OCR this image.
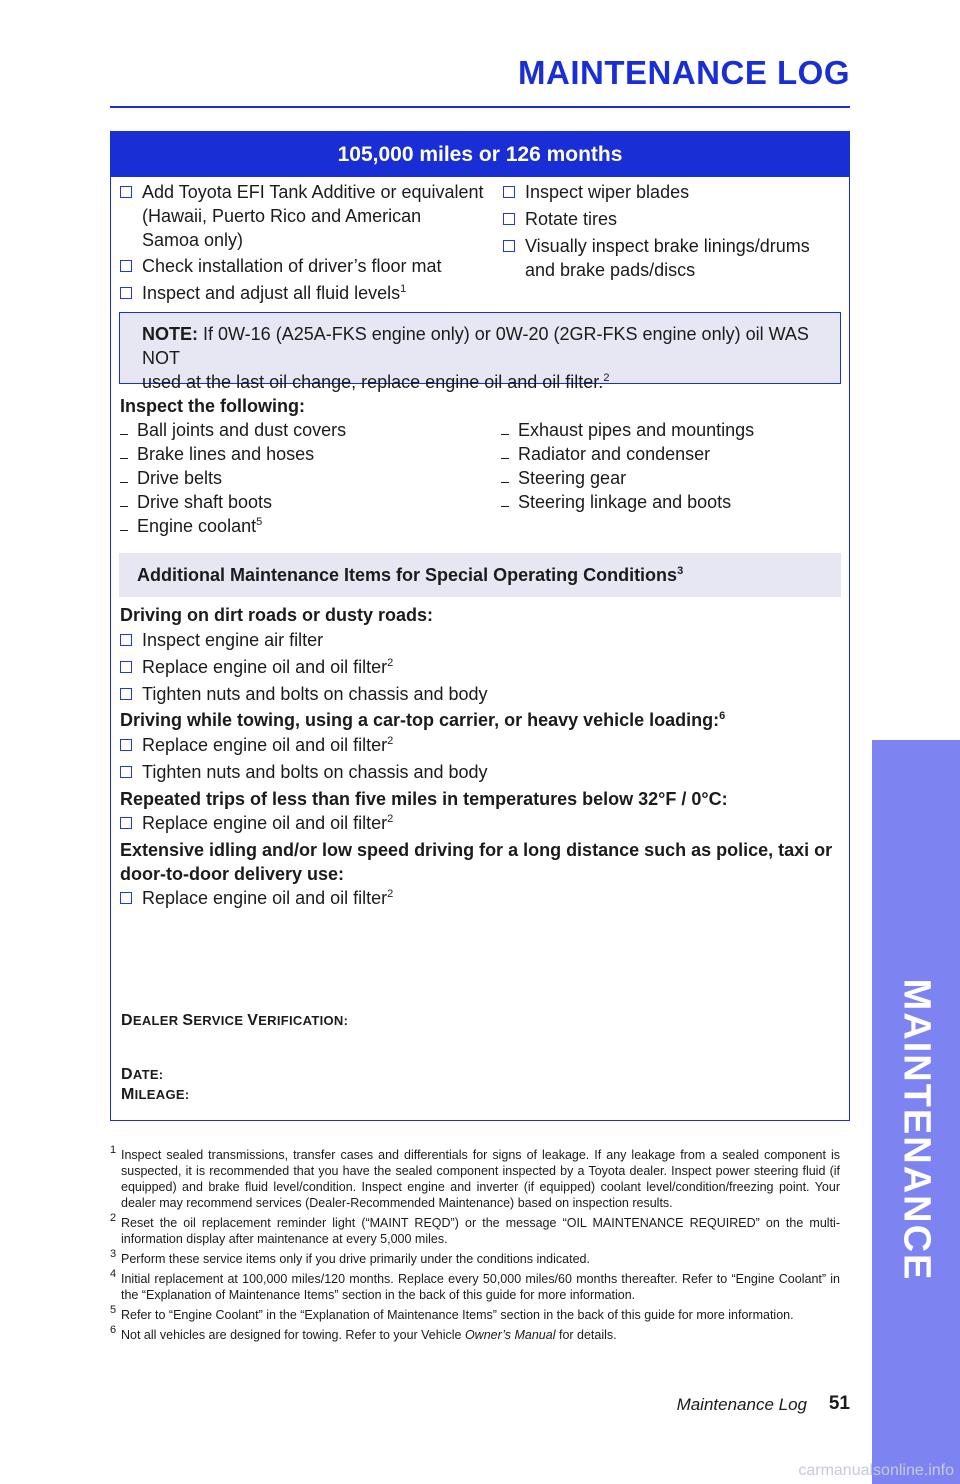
MAINTENANCE LOG
105,000 miles or 126 months
Add Toyota EFI Tank Additive or equivalent
(Hawaii, Puerto Rico and American
Samoa only)
Check installation of driver’s floor mat
Inspect and adjust all fluid levels$^1$
Inspect wiper blades
Rotate tires
Visually inspect brake linings/drums
and brake pads/discs
NOTE: If 0W-16 (A25A-FKS engine only) or 0W-20 (2GR-FKS engine only) oil WAS NOT
used at the last oil change, replace engine oil and oil filter.$^2$
Inspect the following:
Ball joints and dust covers
Brake lines and hoses
Drive belts
Drive shaft boots
Engine coolant$^5$
Exhaust pipes and mountings
Radiator and condenser
Steering gear
Steering linkage and boots
Additional Maintenance Items for Special Operating Conditions$^3$
Driving on dirt roads or dusty roads:
Inspect engine air filter
Replace engine oil and oil filter$^2$
Tighten nuts and bolts on chassis and body
Driving while towing, using a car-top carrier, or heavy vehicle loading:$^6$
Replace engine oil and oil filter$^2$
Tighten nuts and bolts on chassis and body
Repeated trips of less than five miles in temperatures below 32°F / 0°C:
Replace engine oil and oil filter$^2$
Extensive idling and/or low speed driving for a long distance such as police, taxi or
door-to-door delivery use:
Replace engine oil and oil filter$^2$
DEALER SERVICE VERIFICATION:
DATE:
MILEAGE:
1 Inspect sealed transmissions, transfer cases and differentials for signs of leakage. If any leakage from a sealed component is suspected, it is recommended that you have the sealed component inspected by a Toyota dealer. Inspect power steering fluid (if equipped) and brake fluid level/condition. Inspect engine and inverter (if equipped) coolant level/condition/freezing point. Your dealer may recommend services (Dealer-Recommended Maintenance) based on inspection results.
2 Reset the oil replacement reminder light (“MAINT REQD”) or the message “OIL MAINTENANCE REQUIRED” on the multi-information display after maintenance at every 5,000 miles.
3 Perform these service items only if you drive primarily under the conditions indicated.
4 Initial replacement at 100,000 miles/120 months. Replace every 50,000 miles/60 months thereafter. Refer to “Engine Coolant” in the “Explanation of Maintenance Items” section in the back of this guide for more information.
5 Refer to “Engine Coolant” in the “Explanation of Maintenance Items” section in the back of this guide for more information.
6 Not all vehicles are designed for towing. Refer to your Vehicle Owner’s Manual for details.
Maintenance Log 51
MAINTENANCE
carmanualsonline.info
